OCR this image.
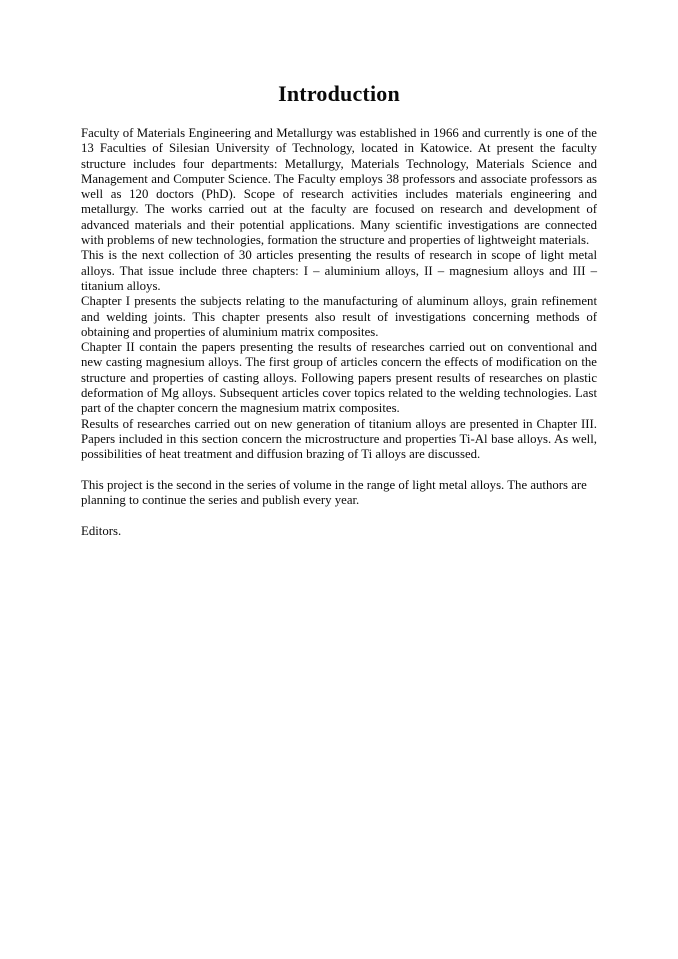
Introduction

Faculty of Materials Engineering and Metallurgy was established in 1966 and currently is one of the 13 Faculties of Silesian University of Technology, located in Katowice. At present the faculty structure includes four departments: Metallurgy, Materials Technology, Materials Science and Management and Computer Science. The Faculty employs 38 professors and associate professors as well as 120 doctors (PhD). Scope of research activities includes materials engineering and metallurgy. The works carried out at the faculty are focused on research and development of advanced materials and their potential applications. Many scientific investigations are connected with problems of new technologies, formation the structure and properties of lightweight materials.

This is the next collection of 30 articles presenting the results of research in scope of light metal alloys. That issue include three chapters: I – aluminium alloys, II – magnesium alloys and III – titanium alloys.

Chapter I presents the subjects relating to the manufacturing of aluminum alloys, grain refinement and welding joints. This chapter presents also result of investigations concerning methods of obtaining and properties of aluminium matrix composites.

Chapter II contain the papers presenting the results of researches carried out on conventional and new casting magnesium alloys. The first group of articles concern the effects of modification on the structure and properties of casting alloys. Following papers present results of researches on plastic deformation of Mg alloys. Subsequent articles cover topics related to the welding technologies. Last part of the chapter concern the magnesium matrix composites.

Results of researches carried out on new generation of titanium alloys are presented in Chapter III. Papers included in this section concern the microstructure and properties Ti-Al base alloys. As well, possibilities of heat treatment and diffusion brazing of Ti alloys are discussed.

This project is the second in the series of volume in the range of light metal alloys. The authors are planning to continue the series and publish every year.

Editors.
